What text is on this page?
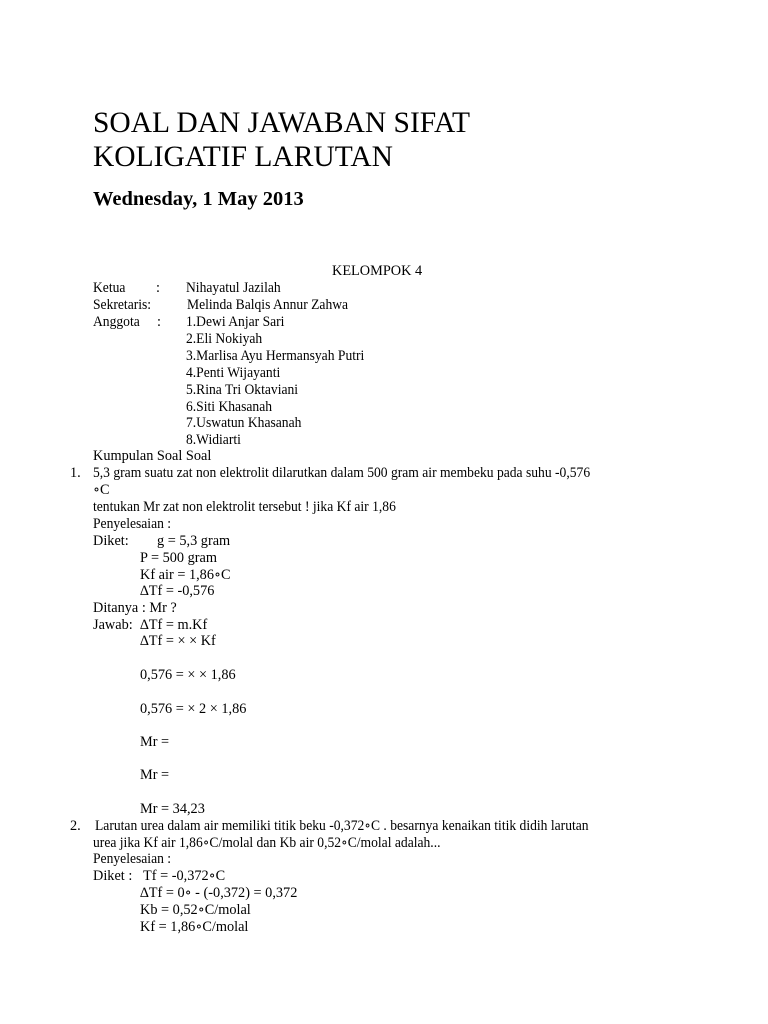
SOAL DAN JAWABAN SIFAT
KOLIGATIF LARUTAN
Wednesday, 1 May 2013
KELOMPOK 4
Ketua : Nihayatul Jazilah
Sekretaris:	Melinda Balqis Annur Zahwa
Anggota : 1.Dewi Anjar Sari
2.Eli Nokiyah
3.Marlisa Ayu Hermansyah Putri
4.Penti Wijayanti
5.Rina Tri Oktaviani
6.Siti Khasanah
7.Uswatun Khasanah
8.Widiarti
Kumpulan Soal Soal
1. 5,3 gram suatu zat non elektrolit dilarutkan dalam 500 gram air membeku pada suhu -0,576
∘C
tentukan Mr zat non elektrolit tersebut ! jika Kf air 1,86
Penyelesaian :
Diket: g = 5,3 gram
P = 500 gram
Kf air = 1,86∘C
∆Tf = -0,576
Ditanya : Mr ?
Jawab: ∆Tf = m.Kf
∆Tf = × × Kf
0,576 = × × 1,86
0,576 = × 2 × 1,86
Mr =
Mr =
Mr = 34,23
2. Larutan urea dalam air memiliki titik beku -0,372∘C . besarnya kenaikan titik didih larutan
urea jika Kf air 1,86∘C/molal dan Kb air 0,52∘C/molal adalah...
Penyelesaian :
Diket : Tf = -0,372∘C
∆Tf = 0∘ - (-0,372) = 0,372
Kb = 0,52∘C/molal
Kf = 1,86∘C/molal
